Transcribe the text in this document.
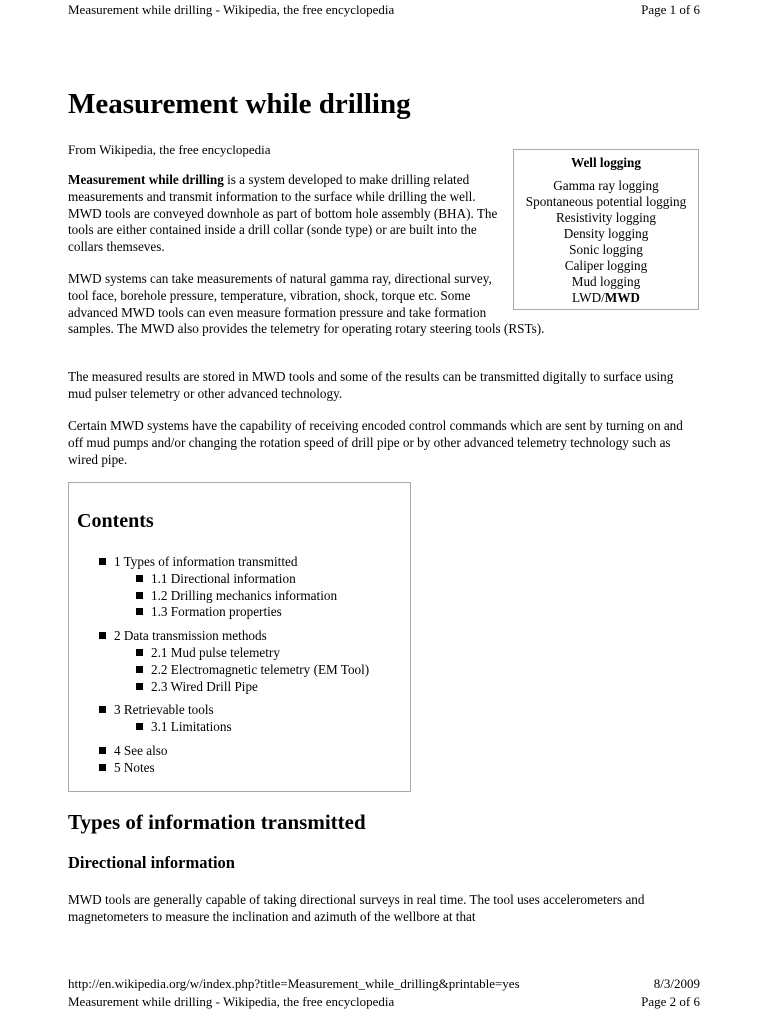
Measurement while drilling - Wikipedia, the free encyclopedia	Page 1 of 6
Measurement while drilling
From Wikipedia, the free encyclopedia

Measurement while drilling is a system developed to make drilling related measurements and transmit information to the surface while drilling the well. MWD tools are conveyed downhole as part of bottom hole assembly (BHA). The tools are either contained inside a drill collar (sonde type) or are built into the collars themseves.

MWD systems can take measurements of natural gamma ray, directional survey, tool face, borehole pressure, temperature, vibration, shock, torque etc. Some advanced MWD tools can even measure formation pressure and take formation samples. The MWD also provides the telemetry for operating rotary steering tools (RSTs).

The measured results are stored in MWD tools and some of the results can be transmitted digitally to surface using mud pulser telemetry or other advanced technology.

Certain MWD systems have the capability of receiving encoded control commands which are sent by turning on and off mud pumps and/or changing the rotation speed of drill pipe or by other advanced telemetry technology such as wired pipe.

Well logging
Gamma ray logging
Spontaneous potential logging
Resistivity logging
Density logging
Sonic logging
Caliper logging
Mud logging
LWD/MWD
Contents
1 Types of information transmitted
1.1 Directional information
1.2 Drilling mechanics information
1.3 Formation properties
2 Data transmission methods
2.1 Mud pulse telemetry
2.2 Electromagnetic telemetry (EM Tool)
2.3 Wired Drill Pipe
3 Retrievable tools
3.1 Limitations
4 See also
5 Notes
Types of information transmitted
Directional information

MWD tools are generally capable of taking directional surveys in real time. The tool uses accelerometers and magnetometers to measure the inclination and azimuth of the wellbore at that

http://en.wikipedia.org/w/index.php?title=Measurement_while_drilling&printable=yes	8/3/2009
Measurement while drilling - Wikipedia, the free encyclopedia	Page 2 of 6
